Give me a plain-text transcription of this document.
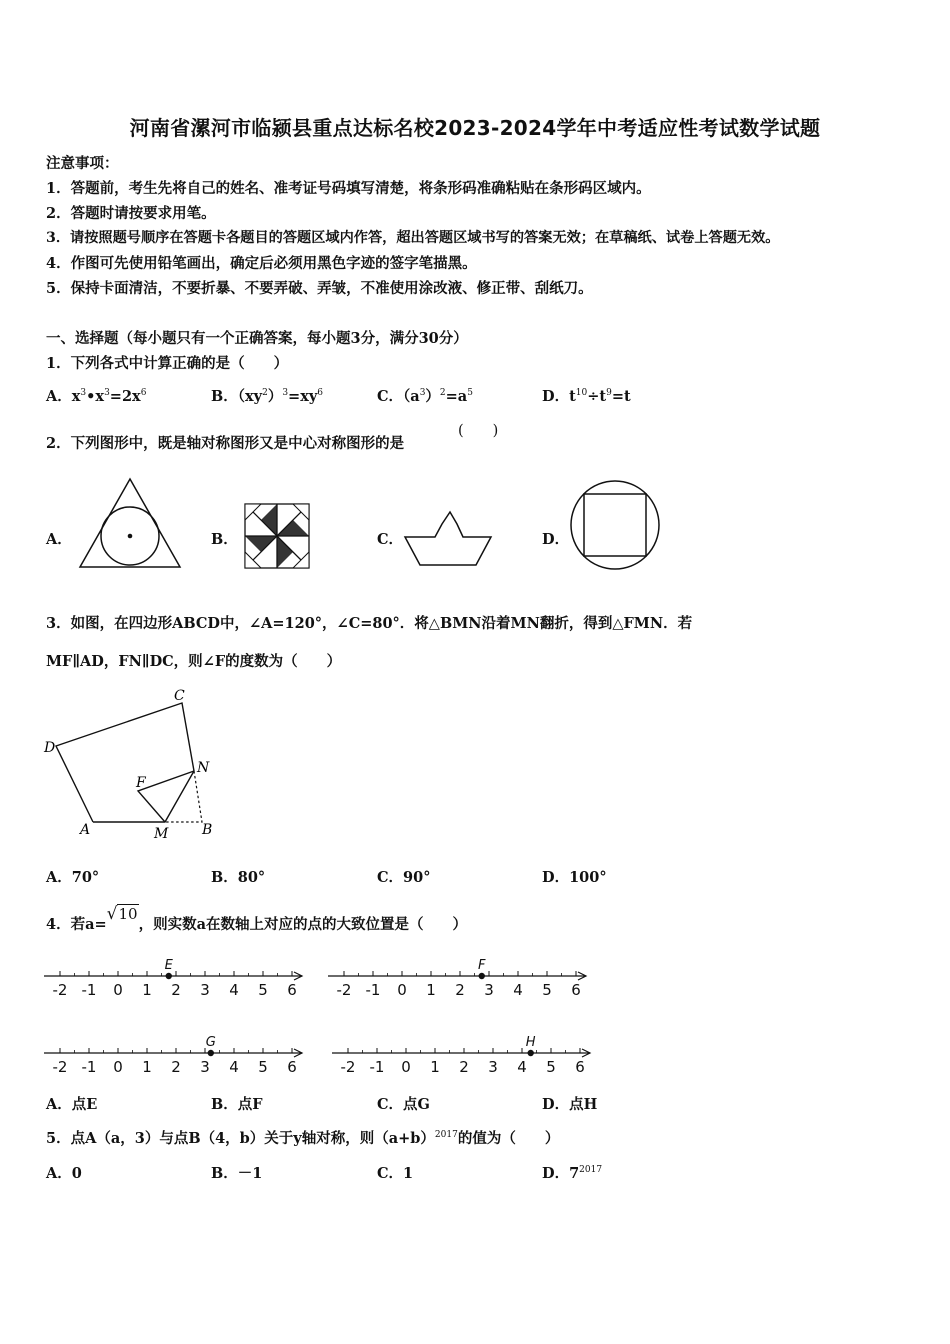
河南省漯河市临颍县重点达标名校2023-2024学年中考适应性考试数学试题
注意事项：
1．答题前，考生先将自己的姓名、准考证号码填写清楚，将条形码准确粘贴在条形码区域内。
2．答题时请按要求用笔。
3．请按照题号顺序在答题卡各题目的答题区域内作答，超出答题区域书写的答案无效；在草稿纸、试卷上答题无效。
4．作图可先使用铅笔画出，确定后必须用黑色字迹的签字笔描黑。
5．保持卡面清洁，不要折暴、不要弄破、弄皱，不准使用涂改液、修正带、刮纸刀。
一、选择题（每小题只有一个正确答案，每小题3分，满分30分）
1．下列各式中计算正确的是（　　）
A．$x^3•x^3=2x^6$	B．$(xy^2)^3=xy^6$	C．$(a^3)^2=a^5$	D．$t^{10}\div t^9=t$
2．下列图形中，既是轴对称图形又是中心对称图形的是
(　　)
A．	B．	C．	D．
3．如图，在四边形ABCD中，∠A=120°，∠C=80°．将△BMN沿着MN翻折，得到△FMN．若
MF∥AD，FN∥DC，则∠F的度数为（　　）
C
D
F
N
A	M B
A．70°	B．80°	C．90°	D．100°
4．若a=√10，则实数a在数轴上对应的点的大致位置是（　　）
-2 -1 0 1 2 3 4 5 6
E
-2 -1 0 1 2 3 4 5 6
F
-2 -1 0 1 2 3 4 5 6
G
-2 -1 0 1 2 3 4 5 6
H
A．点E	B．点F	C．点G	D．点H
5．点A（a，3）与点B（4，b）关于y轴对称，则$(a+b)^{2017}$的值为（　　）
A．0	B．－1	C．1	D．$7^{2017}$
